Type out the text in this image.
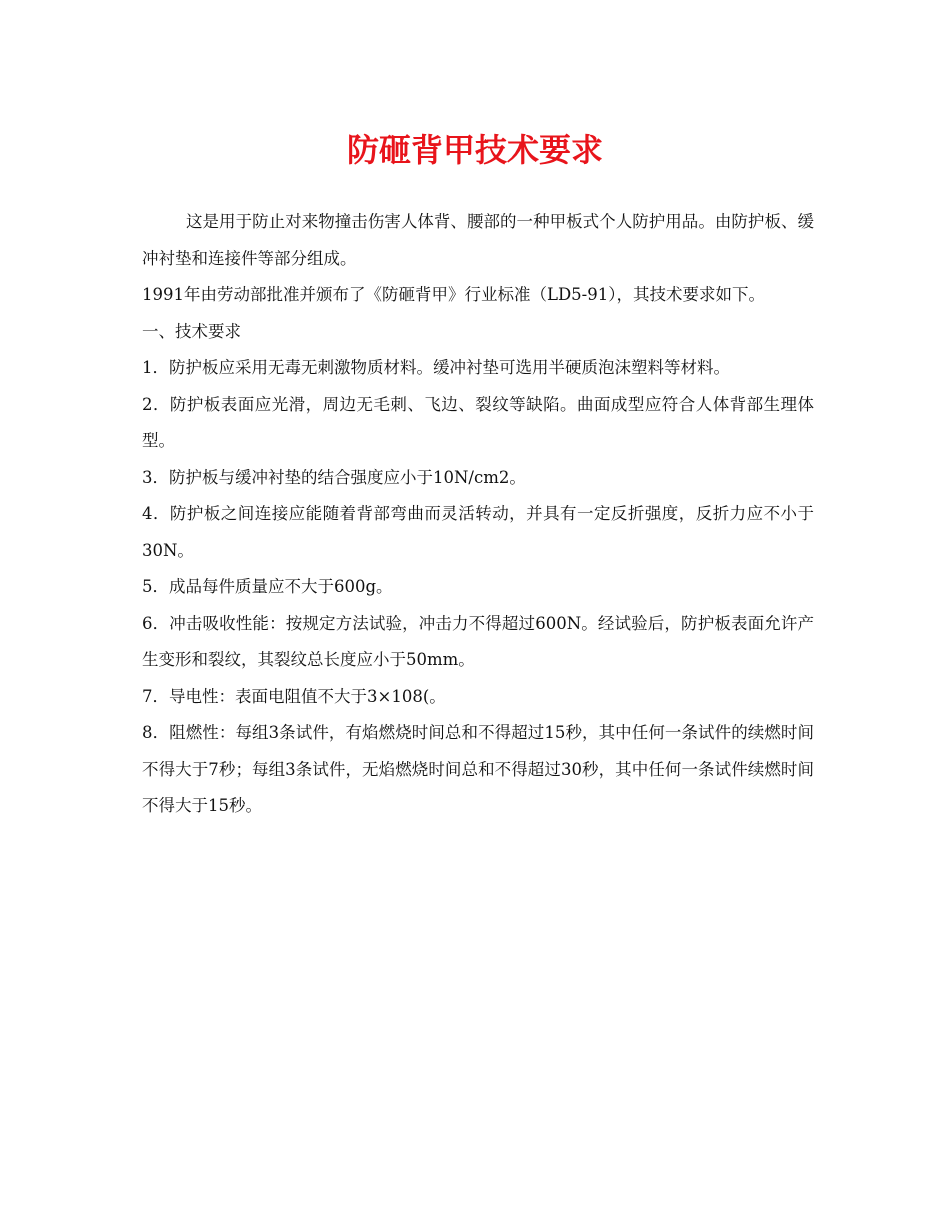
防砸背甲技术要求

这是用于防止对来物撞击伤害人体背、腰部的一种甲板式个人防护用品。由防护板、缓冲衬垫和连接件等部分组成。

1991年由劳动部批准并颁布了《防砸背甲》行业标准（LD5-91），其技术要求如下。

一、技术要求

1．防护板应采用无毒无刺激物质材料。缓冲衬垫可选用半硬质泡沫塑料等材料。

2．防护板表面应光滑，周边无毛刺、飞边、裂纹等缺陷。曲面成型应符合人体背部生理体型。

3．防护板与缓冲衬垫的结合强度应小于10N/cm2。

4．防护板之间连接应能随着背部弯曲而灵活转动，并具有一定反折强度，反折力应不小于30N。

5．成品每件质量应不大于600g。

6．冲击吸收性能：按规定方法试验，冲击力不得超过600N。经试验后，防护板表面允许产生变形和裂纹，其裂纹总长度应小于50mm。

7．导电性：表面电阻值不大于3×108(。

8．阻燃性：每组3条试件，有焰燃烧时间总和不得超过15秒，其中任何一条试件的续燃时间不得大于7秒；每组3条试件，无焰燃烧时间总和不得超过30秒，其中任何一条试件续燃时间不得大于15秒。
